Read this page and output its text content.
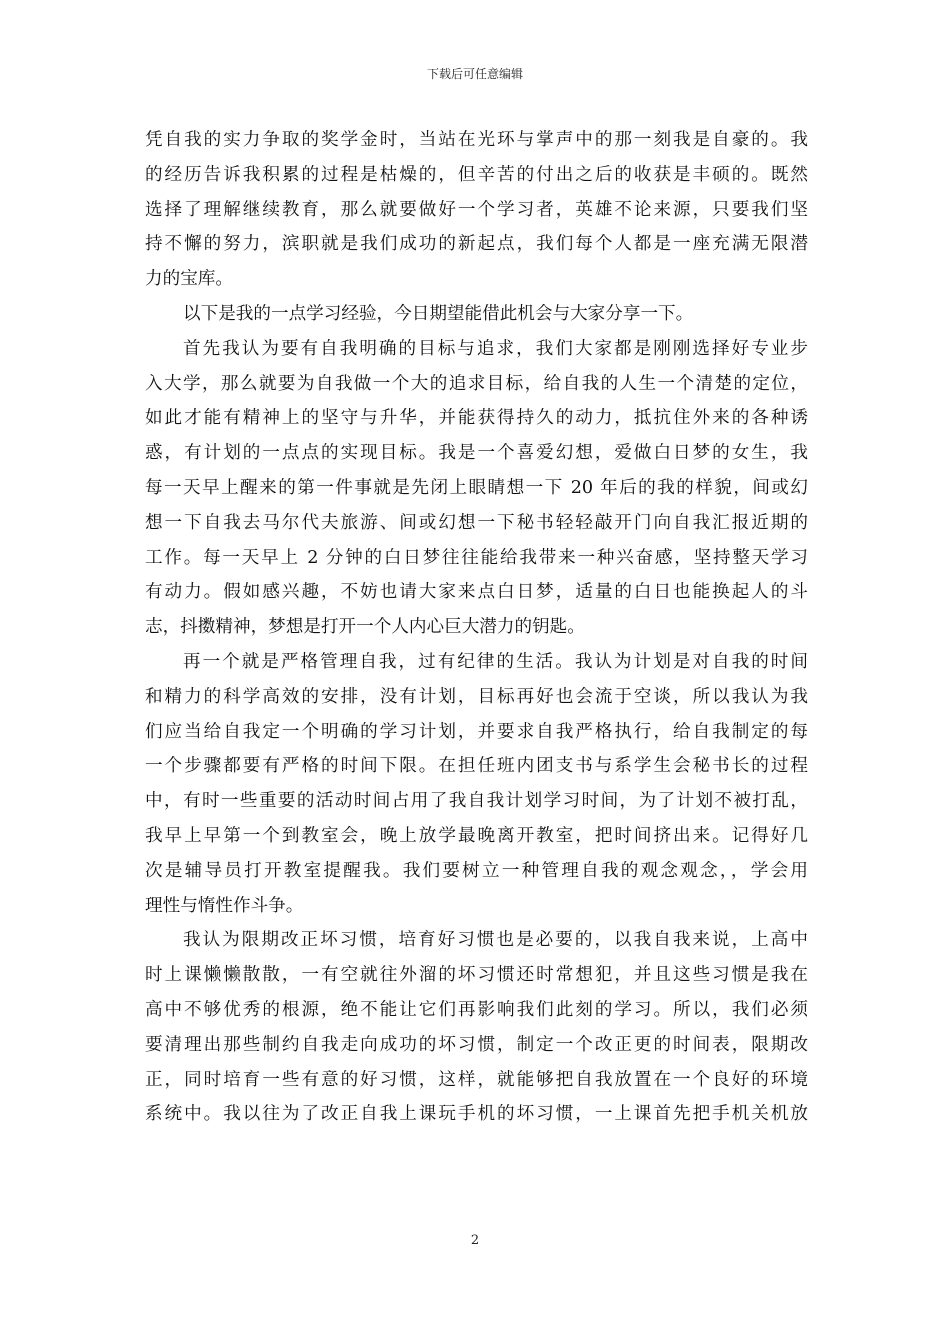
下载后可任意编辑
凭自我的实力争取的奖学金时，当站在光环与掌声中的那一刻我是自豪的。我
的经历告诉我积累的过程是枯燥的，但辛苦的付出之后的收获是丰硕的。既然
选择了理解继续教育，那么就要做好一个学习者，英雄不论来源，只要我们坚
持不懈的努力，滨职就是我们成功的新起点，我们每个人都是一座充满无限潜
力的宝库。
以下是我的一点学习经验，今日期望能借此机会与大家分享一下。
首先我认为要有自我明确的目标与追求，我们大家都是刚刚选择好专业步
入大学，那么就要为自我做一个大的追求目标，给自我的人生一个清楚的定位，
如此才能有精神上的坚守与升华，并能获得持久的动力，抵抗住外来的各种诱
惑，有计划的一点点的实现目标。我是一个喜爱幻想，爱做白日梦的女生，我
每一天早上醒来的第一件事就是先闭上眼睛想一下 20 年后的我的样貌，间或幻
想一下自我去马尔代夫旅游、间或幻想一下秘书轻轻敲开门向自我汇报近期的
工作。每一天早上 2 分钟的白日梦往往能给我带来一种兴奋感，坚持整天学习
有动力。假如感兴趣，不妨也请大家来点白日梦，适量的白日也能换起人的斗
志，抖擞精神，梦想是打开一个人内心巨大潜力的钥匙。
再一个就是严格管理自我，过有纪律的生活。我认为计划是对自我的时间
和精力的科学高效的安排，没有计划，目标再好也会流于空谈，所以我认为我
们应当给自我定一个明确的学习计划，并要求自我严格执行，给自我制定的每
一个步骤都要有严格的时间下限。在担任班内团支书与系学生会秘书长的过程
中，有时一些重要的活动时间占用了我自我计划学习时间，为了计划不被打乱，
我早上早第一个到教室会，晚上放学最晚离开教室，把时间挤出来。记得好几
次是辅导员打开教室提醒我。我们要树立一种管理自我的观念观念，，学会用
理性与惰性作斗争。
我认为限期改正坏习惯，培育好习惯也是必要的，以我自我来说，上高中
时上课懒懒散散，一有空就往外溜的坏习惯还时常想犯，并且这些习惯是我在
高中不够优秀的根源，绝不能让它们再影响我们此刻的学习。所以，我们必须
要清理出那些制约自我走向成功的坏习惯，制定一个改正更的时间表，限期改
正，同时培育一些有意的好习惯，这样，就能够把自我放置在一个良好的环境
系统中。我以往为了改正自我上课玩手机的坏习惯，一上课首先把手机关机放
2
